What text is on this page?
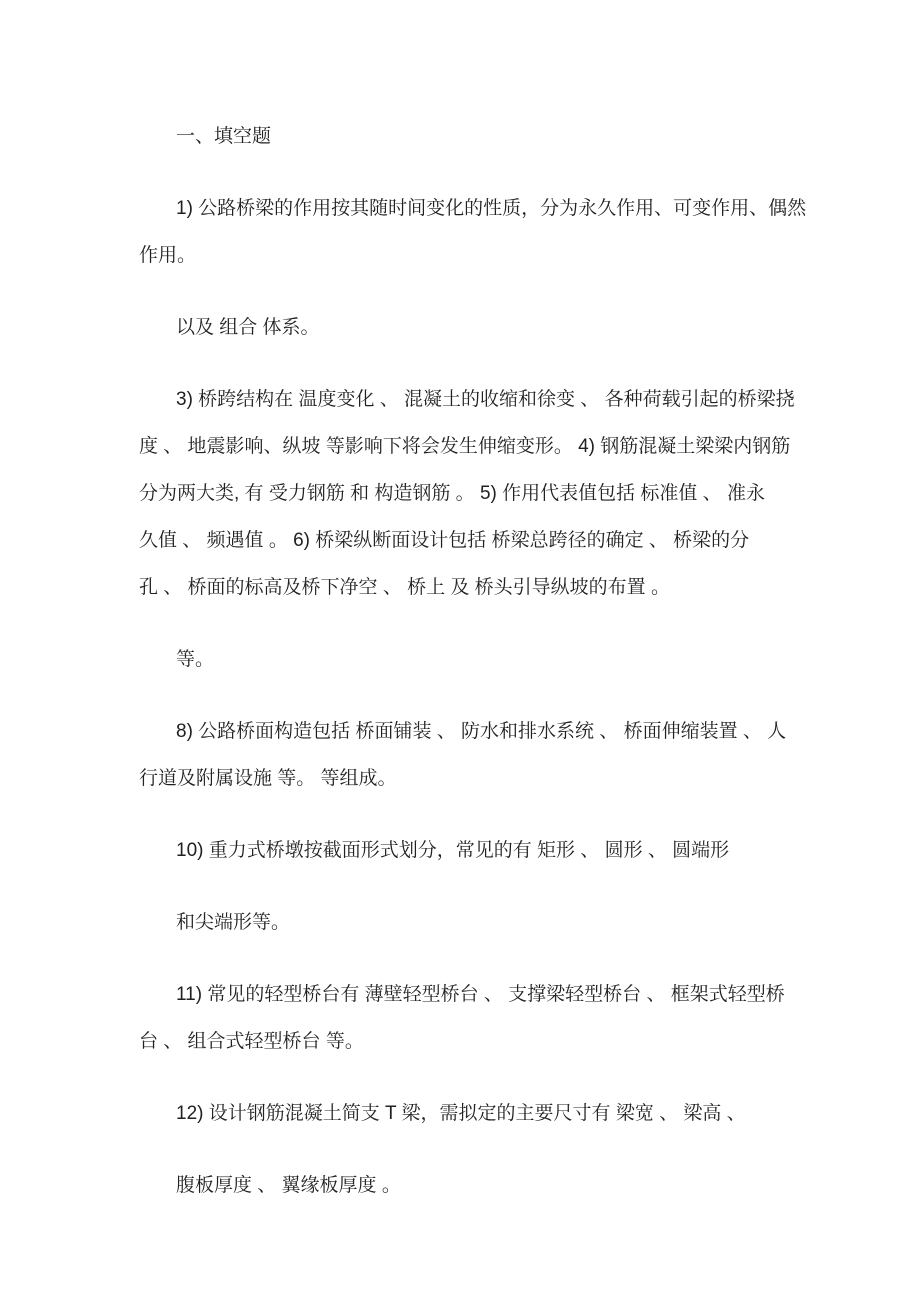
一、填空题

1) 公路桥梁的作用按其随时间变化的性质，分为永久作用、可变作用、偶然
作用。

以及 组合 体系。

3) 桥跨结构在 温度变化 、 混凝土的收缩和徐变 、 各种荷载引起的桥梁挠
度 、 地震影响、纵坡 等影响下将会发生伸缩变形。 4) 钢筋混凝土梁梁内钢筋
分为两大类, 有 受力钢筋 和 构造钢筋 。 5) 作用代表值包括 标准值 、 准永
久值 、 频遇值 。 6) 桥梁纵断面设计包括 桥梁总跨径的确定 、 桥梁的分
孔 、 桥面的标高及桥下净空 、 桥上 及 桥头引导纵坡的布置 。

等。

8) 公路桥面构造包括 桥面铺装 、 防水和排水系统 、 桥面伸缩装置 、 人
行道及附属设施 等。 等组成。

10) 重力式桥墩按截面形式划分，常见的有 矩形 、 圆形 、 圆端形

和尖端形等。

11) 常见的轻型桥台有 薄壁轻型桥台 、 支撑梁轻型桥台 、 框架式轻型桥
台 、 组合式轻型桥台 等。

12) 设计钢筋混凝土简支 T 梁，需拟定的主要尺寸有 梁宽 、 梁高 、

腹板厚度 、 翼缘板厚度 。
